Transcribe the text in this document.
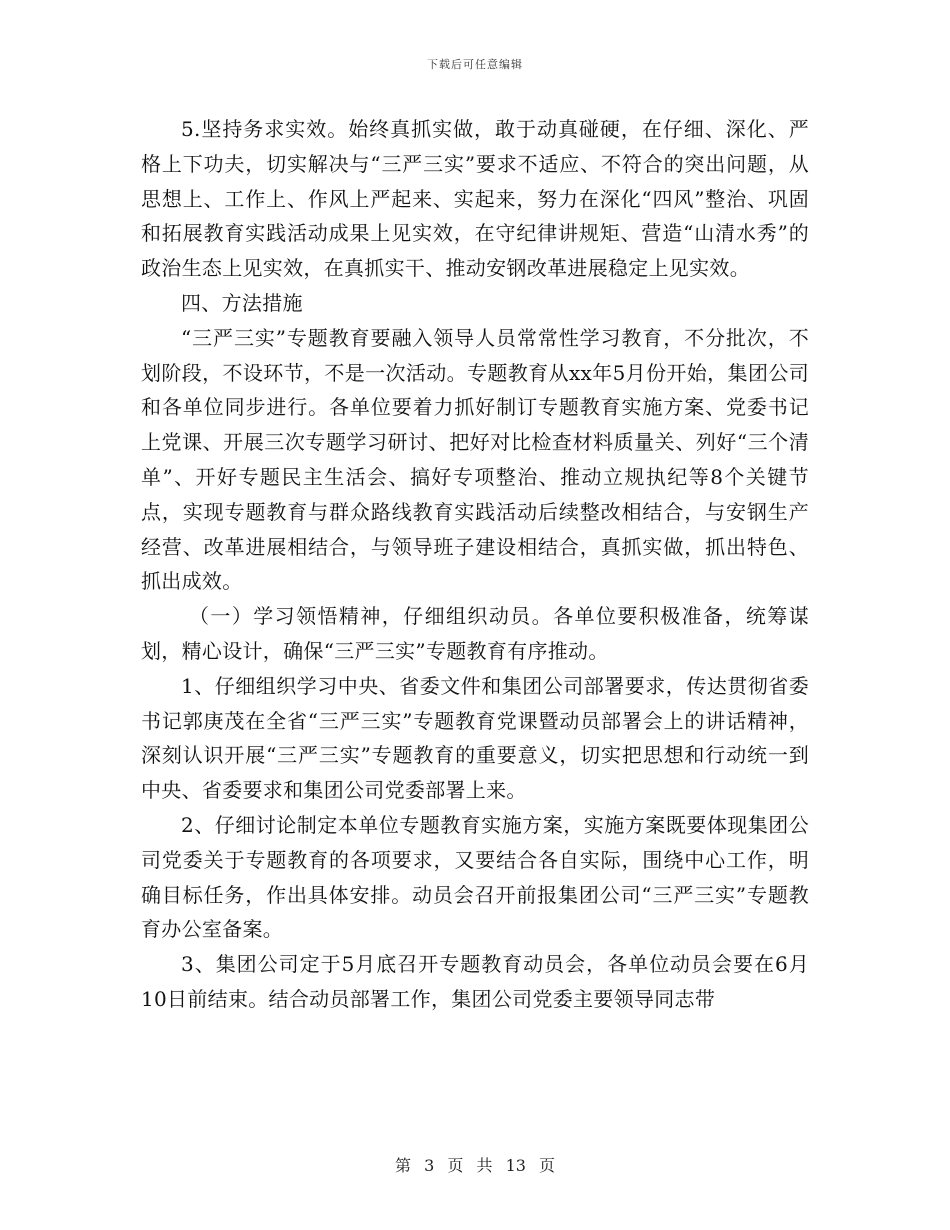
下载后可任意编辑

5.坚持务求实效。始终真抓实做，敢于动真碰硬，在仔细、深化、严格上下功夫，切实解决与“三严三实”要求不适应、不符合的突出问题，从思想上、工作上、作风上严起来、实起来，努力在深化“四风”整治、巩固和拓展教育实践活动成果上见实效，在守纪律讲规矩、营造“山清水秀”的政治生态上见实效，在真抓实干、推动安钢改革进展稳定上见实效。

四、方法措施

“三严三实”专题教育要融入领导人员常常性学习教育，不分批次，不划阶段，不设环节，不是一次活动。专题教育从xx年5月份开始，集团公司和各单位同步进行。各单位要着力抓好制订专题教育实施方案、党委书记上党课、开展三次专题学习研讨、把好对比检查材料质量关、列好“三个清单”、开好专题民主生活会、搞好专项整治、推动立规执纪等8个关键节点，实现专题教育与群众路线教育实践活动后续整改相结合，与安钢生产经营、改革进展相结合，与领导班子建设相结合，真抓实做，抓出特色、抓出成效。

（一）学习领悟精神，仔细组织动员。各单位要积极准备，统筹谋划，精心设计，确保“三严三实”专题教育有序推动。

1、仔细组织学习中央、省委文件和集团公司部署要求，传达贯彻省委书记郭庚茂在全省“三严三实”专题教育党课暨动员部署会上的讲话精神，深刻认识开展“三严三实”专题教育的重要意义，切实把思想和行动统一到中央、省委要求和集团公司党委部署上来。

2、仔细讨论制定本单位专题教育实施方案，实施方案既要体现集团公司党委关于专题教育的各项要求，又要结合各自实际，围绕中心工作，明确目标任务，作出具体安排。动员会召开前报集团公司“三严三实”专题教育办公室备案。

3、集团公司定于5月底召开专题教育动员会，各单位动员会要在6月10日前结束。结合动员部署工作，集团公司党委主要领导同志带

第 3 页 共 13 页
